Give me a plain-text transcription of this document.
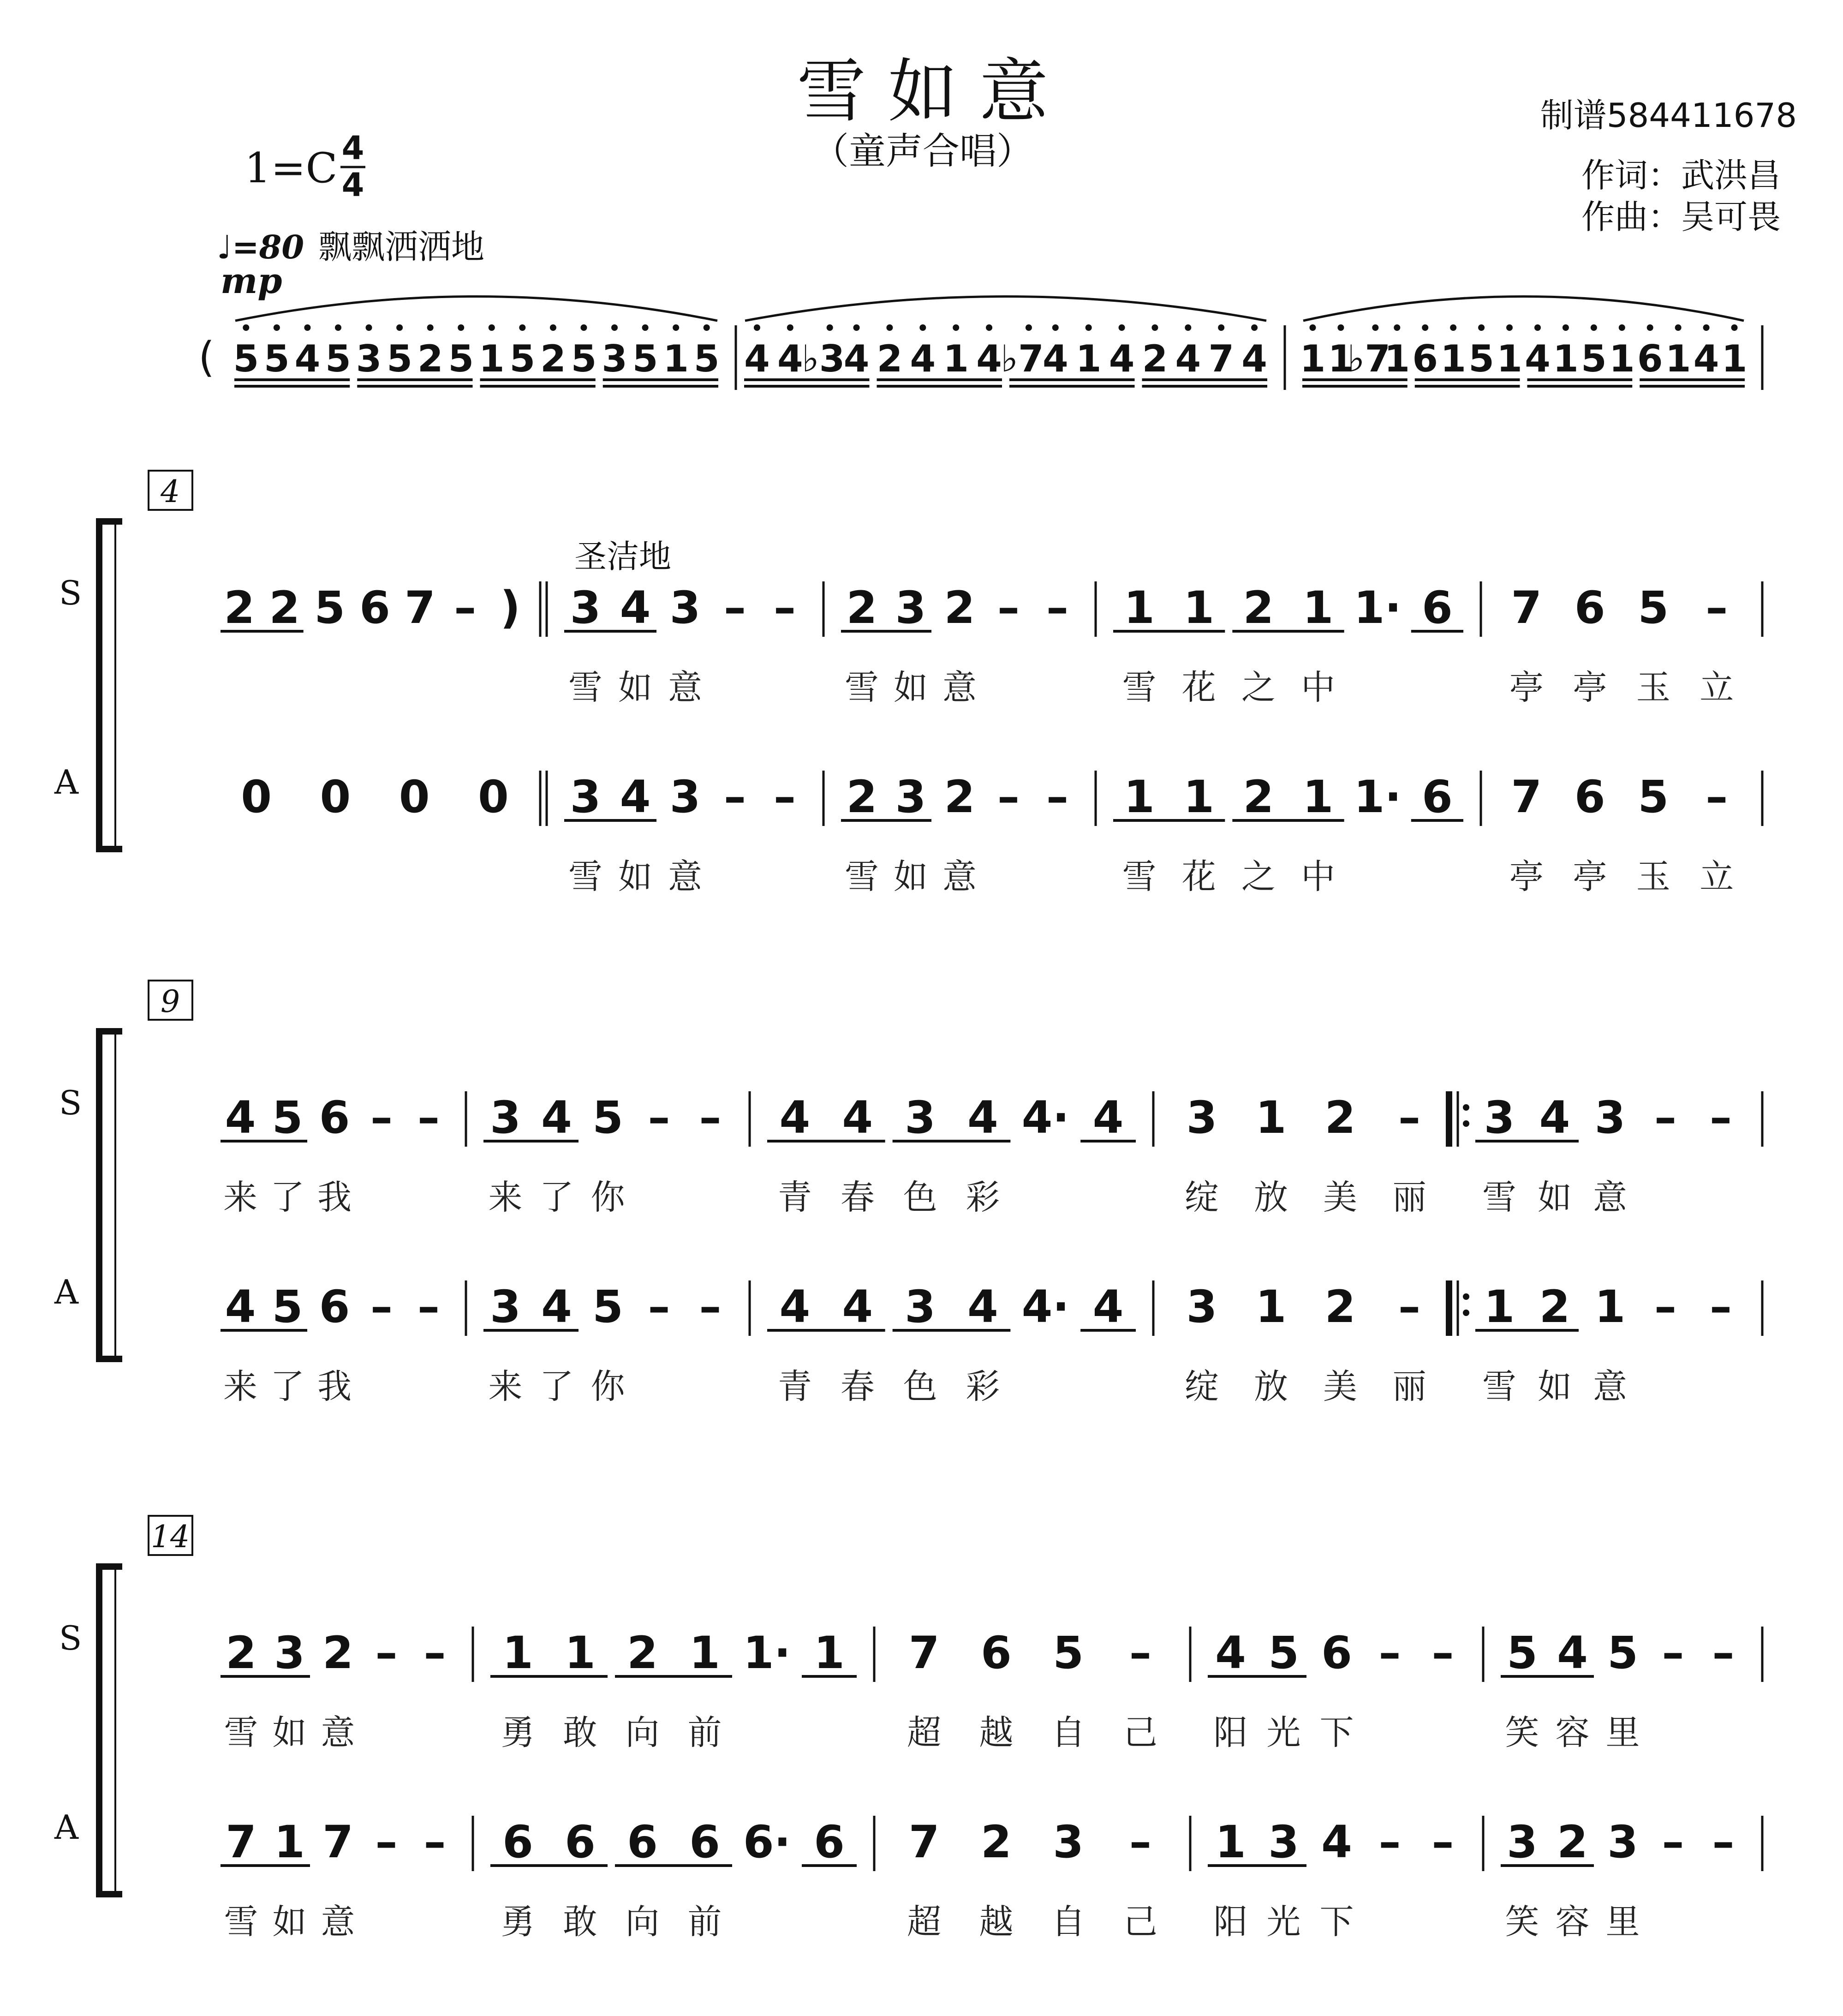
雪 如 意
（童声合唱）
1=C 4
4
♩=80 飘飘洒洒地
mp
制谱584411678
作词：武洪昌
作曲：吴可畏
( 5 5 4 5 3 5 2 5 1 5 2 5 3 5 1 5 4 4
♭3
4 2 4 1 4
♭7
4 1 4 2 4 7 4 1 1
♭7
1 6 1 5 1 4 1 5 1 6 1 4 1
4
S
A
圣洁地
2 2 5 6 7 – ) 3 4 3 – –
雪 如 意
2 3 2 – –
雪 如 意
1 1 2 1 1· 6
雪 花 之 中
7 6 5 –
亭 亭 玉 立
0 0 0 0 3 4 3 – –
雪 如 意
2 3 2 – –
雪 如 意
1 1 2 1 1· 6
雪 花 之 中
7 6 5 –
亭 亭 玉 立
9
S
A
4 5 6 – –
来 了 我
3 4 5 – –
来 了 你
4 4 3 4 4· 4
青 春 色 彩
3 1 2 –
绽 放 美 丽
3 4 3 – –
雪 如 意
4 5 6 – –
来 了 我
3 4 5 – –
来 了 你
4 4 3 4 4· 4
青 春 色 彩
3 1 2 –
绽 放 美 丽
1 2 1 – –
雪 如 意
14
S
A
2 3 2 – –
雪 如 意
1 1 2 1 1· 1
勇 敢 向 前
7 6 5 –
超 越 自 己
4 5 6 – –
阳 光 下
5 4 5 – –
笑 容 里
7 1 7 – –
雪 如 意
6 6 6 6 6· 6
勇 敢 向 前
7 2 3 –
超 越 自 己
1 3 4 – –
阳 光 下
3 2 3 – –
笑 容 里
